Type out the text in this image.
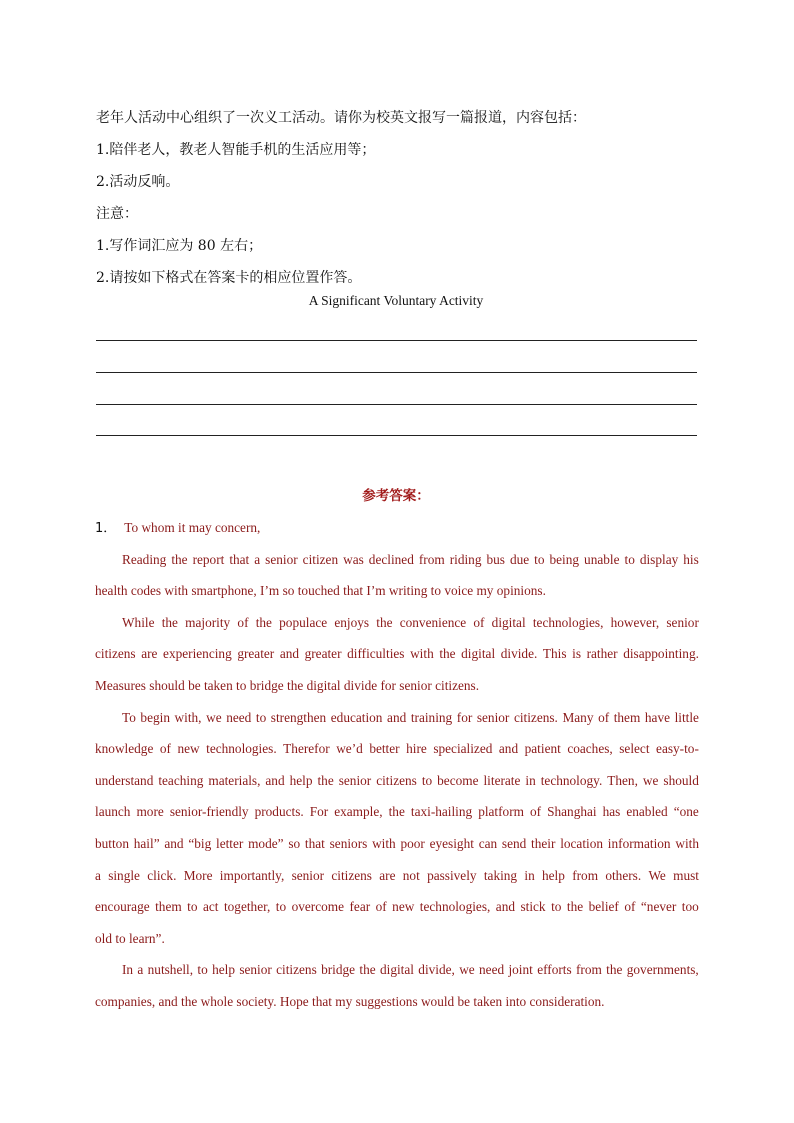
老年人活动中心组织了一次义工活动。请你为校英文报写一篇报道，内容包括：
1.陪伴老人，教老人智能手机的生活应用等；
2.活动反响。
注意：
1.写作词汇应为 80 左右；
2.请按如下格式在答案卡的相应位置作答。
A Significant Voluntary Activity
参考答案：
1． To whom it may concern,
Reading the report that a senior citizen was declined from riding bus due to being unable to display his
health codes with smartphone, I’m so touched that I’m writing to voice my opinions.
While the majority of the populace enjoys the convenience of digital technologies, however, senior
citizens are experiencing greater and greater difficulties with the digital divide. This is rather disappointing.
Measures should be taken to bridge the digital divide for senior citizens.
To begin with, we need to strengthen education and training for senior citizens. Many of them have little
knowledge of new technologies. Therefor we’d better hire specialized and patient coaches, select easy-to-
understand teaching materials, and help the senior citizens to become literate in technology. Then, we should
launch more senior-friendly products. For example, the taxi-hailing platform of Shanghai has enabled “one
button hail” and “big letter mode” so that seniors with poor eyesight can send their location information with
a single click. More importantly, senior citizens are not passively taking in help from others. We must
encourage them to act together, to overcome fear of new technologies, and stick to the belief of “never too
old to learn”.
In a nutshell, to help senior citizens bridge the digital divide, we need joint efforts from the governments,
companies, and the whole society. Hope that my suggestions would be taken into consideration.
